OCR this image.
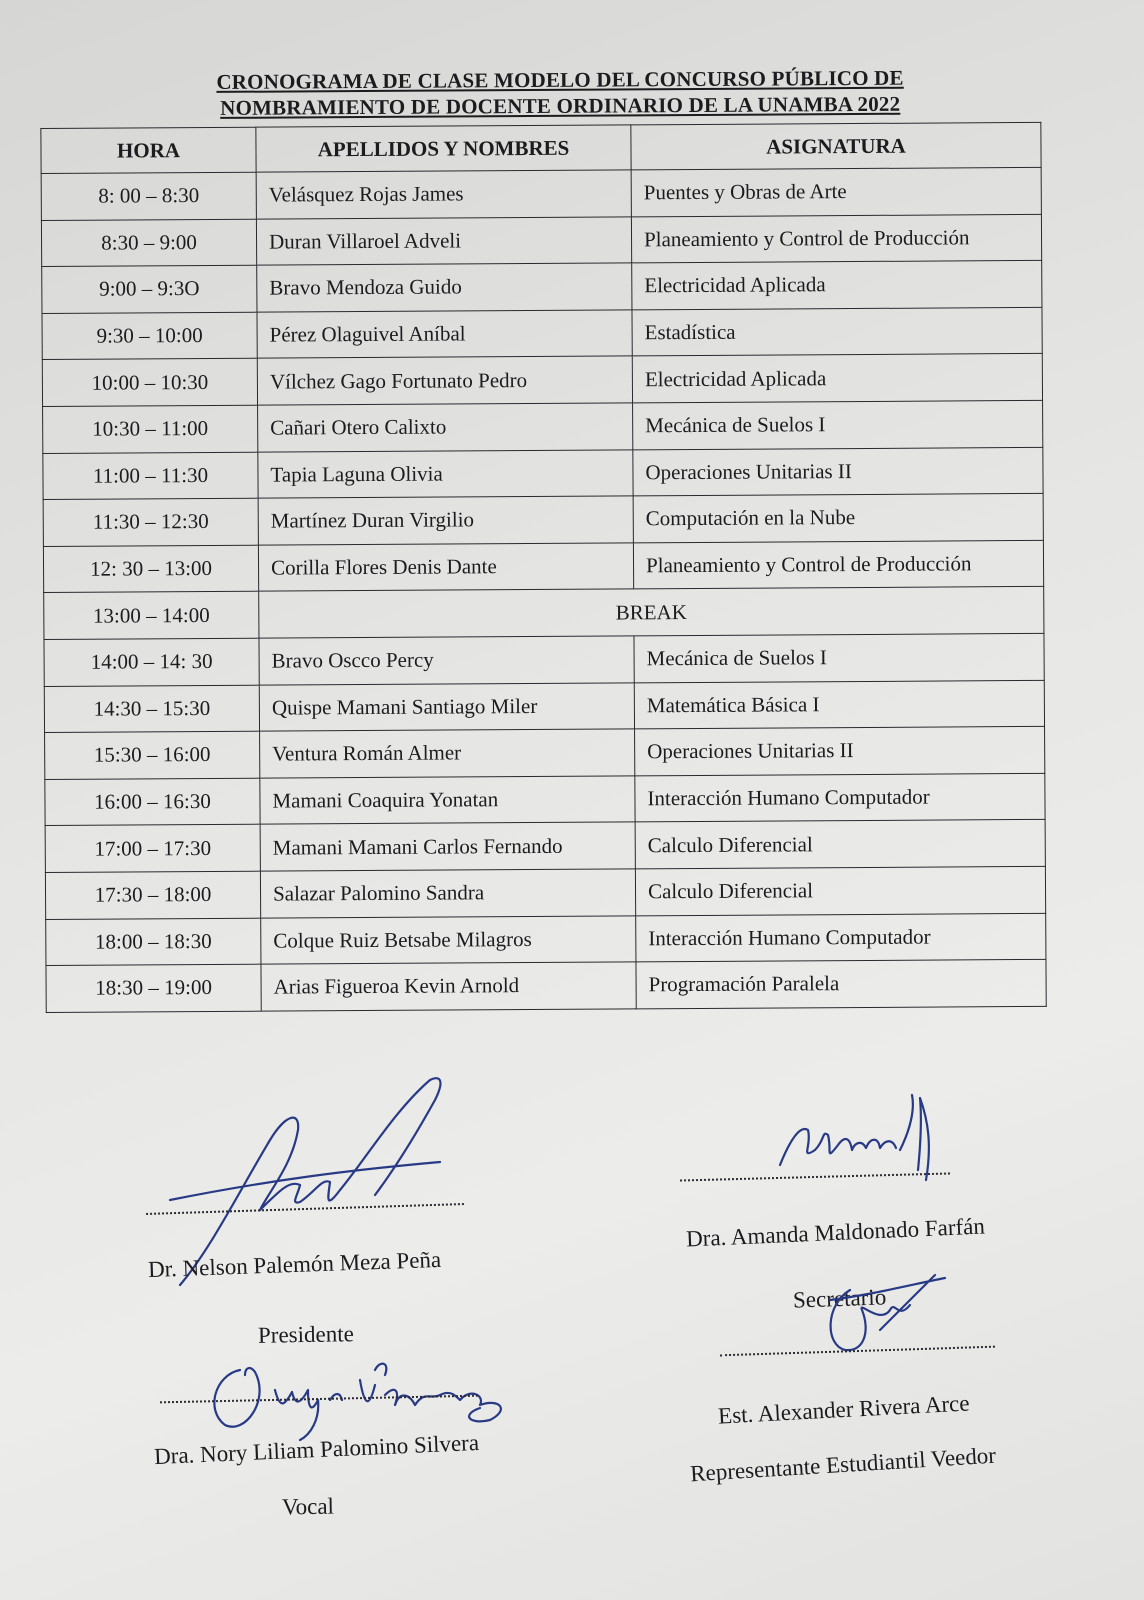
CRONOGRAMA DE CLASE MODELO DEL CONCURSO PÚBLICO DE
NOMBRAMIENTO DE DOCENTE ORDINARIO DE LA UNAMBA 2022
HORA	APELLIDOS Y NOMBRES	ASIGNATURA
8: 00 – 8:30	Velásquez Rojas James	Puentes y Obras de Arte
8:30 – 9:00	Duran Villaroel Adveli	Planeamiento y Control de Producción
9:00 – 9:3O	Bravo Mendoza Guido	Electricidad Aplicada
9:30 – 10:00	Pérez Olaguivel Aníbal	Estadística
10:00 – 10:30	Vílchez Gago Fortunato Pedro	Electricidad Aplicada
10:30 – 11:00	Cañari Otero Calixto	Mecánica de Suelos I
11:00 – 11:30	Tapia Laguna Olivia	Operaciones Unitarias II
11:30 – 12:30	Martínez Duran Virgilio	Computación en la Nube
12: 30 – 13:00	Corilla Flores Denis Dante	Planeamiento y Control de Producción
13:00 – 14:00	BREAK	
14:00 – 14: 30	Bravo Oscco Percy	Mecánica de Suelos I
14:30 – 15:30	Quispe Mamani Santiago Miler	Matemática Básica I
15:30 – 16:00	Ventura Román Almer	Operaciones Unitarias II
16:00 – 16:30	Mamani Coaquira Yonatan	Interacción Humano Computador
17:00 – 17:30	Mamani Mamani Carlos Fernando	Calculo Diferencial
17:30 – 18:00	Salazar Palomino Sandra	Calculo Diferencial
18:00 – 18:30	Colque Ruiz Betsabe Milagros	Interacción Humano Computador
18:30 – 19:00	Arias Figueroa Kevin Arnold	Programación Paralela
Dr. Nelson Palemón Meza Peña
Presidente
Dra. Amanda Maldonado Farfán
Secretario
Est. Alexander Rivera Arce
Representante Estudiantil Veedor
Dra. Nory Liliam Palomino Silvera
Vocal
